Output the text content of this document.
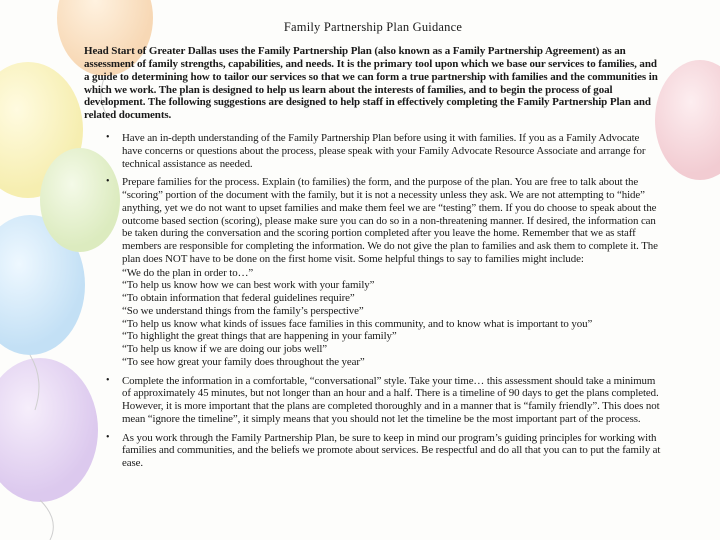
Family Partnership Plan Guidance
Head Start of Greater Dallas uses the Family Partnership Plan (also known as a Family Partnership Agreement) as an assessment of family strengths, capabilities, and needs. It is the primary tool upon which we base our services to families, and a guide to determining how to tailor our services so that we can form a true partnership with families and the communities in which we work. The plan is designed to help us learn about the interests of families, and to begin the process of goal development. The following suggestions are designed to help staff in effectively completing the Family Partnership Plan and related documents.
• Have an in-depth understanding of the Family Partnership Plan before using it with families. If you as a Family Advocate have concerns or questions about the process, please speak with your Family Advocate Resource Associate and arrange for technical assistance as needed.
• Prepare families for the process. Explain (to families) the form, and the purpose of the plan. You are free to talk about the “scoring” portion of the document with the family, but it is not a necessity unless they ask. We are not attempting to “hide” anything, yet we do not want to upset families and make them feel we are “testing” them. If you do choose to speak about the outcome based section (scoring), please make sure you can do so in a non-threatening manner. If desired, the information can be taken during the conversation and the scoring portion completed after you leave the home. Remember that we as staff members are responsible for completing the information. We do not give the plan to families and ask them to complete it. The plan does NOT have to be done on the first home visit. Some helpful things to say to families might include:
“We do the plan in order to…”
“To help us know how we can best work with your family”
“To obtain information that federal guidelines require”
“So we understand things from the family’s perspective”
“To help us know what kinds of issues face families in this community, and to know what is important to you”
“To highlight the great things that are happening in your family”
“To help us know if we are doing our jobs well”
“To see how great your family does throughout the year”
• Complete the information in a comfortable, “conversational” style. Take your time… this assessment should take a minimum of approximately 45 minutes, but not longer than an hour and a half. There is a timeline of 90 days to get the plans completed. However, it is more important that the plans are completed thoroughly and in a manner that is “family friendly”. This does not mean “ignore the timeline”, it simply means that you should not let the timeline be the most important part of the process.
• As you work through the Family Partnership Plan, be sure to keep in mind our program’s guiding principles for working with families and communities, and the beliefs we promote about services. Be respectful and do all that you can to put the family at ease.
